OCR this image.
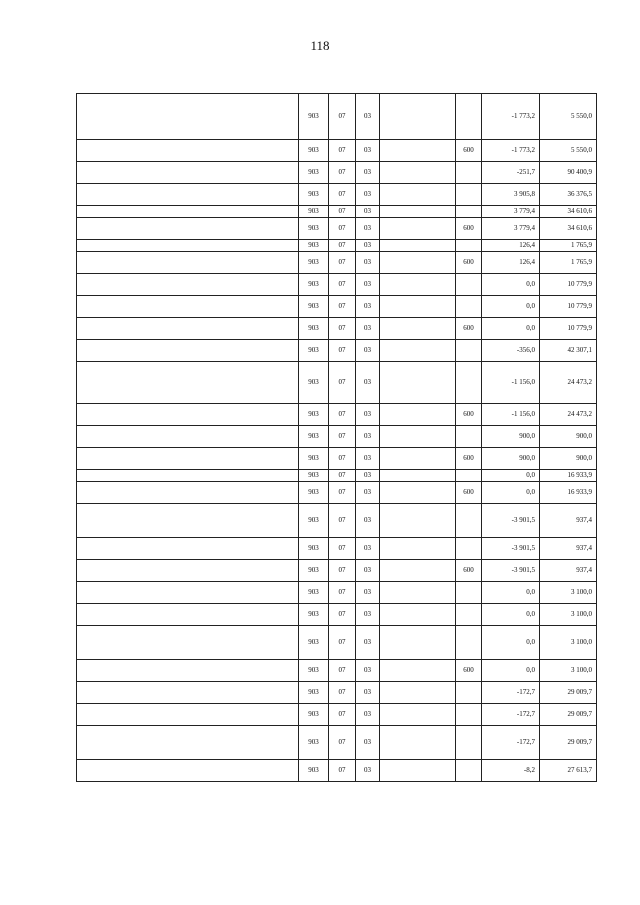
118
	903	07	03			-1 773,2	5 550,0
	903	07	03		600	-1 773,2	5 550,0
	903	07	03			-251,7	90 400,9
	903	07	03			3 905,8	36 376,5
	903	07	03			3 779,4	34 610,6
	903	07	03		600	3 779,4	34 610,6
	903	07	03			126,4	1 765,9
	903	07	03		600	126,4	1 765,9
	903	07	03			0,0	10 779,9
	903	07	03			0,0	10 779,9
	903	07	03		600	0,0	10 779,9
	903	07	03			-356,0	42 307,1
	903	07	03			-1 156,0	24 473,2
	903	07	03		600	-1 156,0	24 473,2
	903	07	03			900,0	900,0
	903	07	03		600	900,0	900,0
	903	07	03			0,0	16 933,9
	903	07	03		600	0,0	16 933,9
	903	07	03			-3 901,5	937,4
	903	07	03			-3 901,5	937,4
	903	07	03		600	-3 901,5	937,4
	903	07	03			0,0	3 100,0
	903	07	03			0,0	3 100,0
	903	07	03			0,0	3 100,0
	903	07	03		600	0,0	3 100,0
	903	07	03			-172,7	29 009,7
	903	07	03			-172,7	29 009,7
	903	07	03			-172,7	29 009,7
	903	07	03			-8,2	27 613,7
